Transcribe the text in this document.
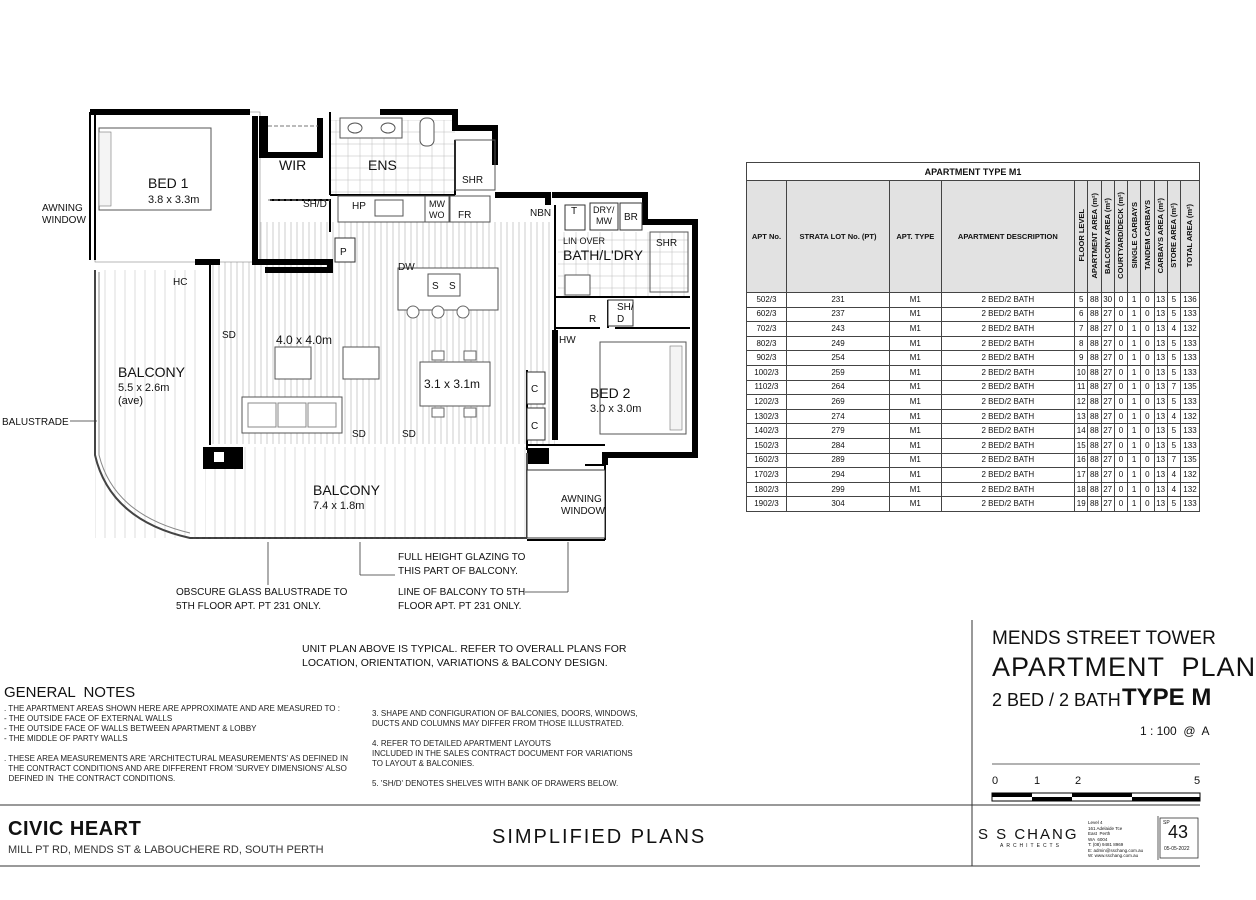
BED 1
3.8 x 3.3m
WIR	ENS
SHR
SH/D	HP	MW
WO FR
P
NBN T DRY/
MW BR
LIN OVER
BATH/L'DRY
SHR
DW
S S
HC
SD
SD	SD
4.0 x 4.0m
3.1 x 3.1m
R
SH/
D
HW
C
C
BED 2
3.0 x 3.0m
BALCONY
5.5 x 2.6m
(ave)
BALCONY
7.4 x 1.8m
AWNING
WINDOW
AWNING
WINDOW
BALUSTRADE
FULL HEIGHT GLAZING TO
THIS PART OF BALCONY.
OBSCURE GLASS BALUSTRADE TO
5TH FLOOR APT. PT 231 ONLY.
LINE OF BALCONY TO 5TH
FLOOR APT. PT 231 ONLY.
UNIT PLAN ABOVE IS TYPICAL. REFER TO OVERALL PLANS FOR
LOCATION, ORIENTATION, VARIATIONS & BALCONY DESIGN.
APARTMENT TYPE M1												
APT No.	STRATA LOT No. (PT)	APT. TYPE	APARTMENT DESCRIPTION	FLOOR LEVEL	APARTMENT AREA (m²)	BALCONY AREA (m²)	COURTYARD/DECK (m²)	SINGLE CARBAYS	TANDEM CARBAYS	CARBAYS AREA (m²)	STORE AREA (m²)	TOTAL AREA (m²)
502/3	231	M1	2 BED/2 BATH	5	88	30	0	1	0	13	5	136
602/3	237	M1	2 BED/2 BATH	6	88	27	0	1	0	13	5	133
702/3	243	M1	2 BED/2 BATH	7	88	27	0	1	0	13	4	132
802/3	249	M1	2 BED/2 BATH	8	88	27	0	1	0	13	5	133
902/3	254	M1	2 BED/2 BATH	9	88	27	0	1	0	13	5	133
1002/3	259	M1	2 BED/2 BATH	10	88	27	0	1	0	13	5	133
1102/3	264	M1	2 BED/2 BATH	11	88	27	0	1	0	13	7	135
1202/3	269	M1	2 BED/2 BATH	12	88	27	0	1	0	13	5	133
1302/3	274	M1	2 BED/2 BATH	13	88	27	0	1	0	13	4	132
1402/3	279	M1	2 BED/2 BATH	14	88	27	0	1	0	13	5	133
1502/3	284	M1	2 BED/2 BATH	15	88	27	0	1	0	13	5	133
1602/3	289	M1	2 BED/2 BATH	16	88	27	0	1	0	13	7	135
1702/3	294	M1	2 BED/2 BATH	17	88	27	0	1	0	13	4	132
1802/3	299	M1	2 BED/2 BATH	18	88	27	0	1	0	13	4	132
1902/3	304	M1	2 BED/2 BATH	19	88	27	0	1	0	13	5	133
MENDS STREET TOWER
APARTMENT  PLAN
2 BED / 2 BATH TYPE M
1 : 100  @  A
0	1	2	5
GENERAL  NOTES
. THE APARTMENT AREAS SHOWN HERE ARE APPROXIMATE AND ARE MEASURED TO :
- THE OUTSIDE FACE OF EXTERNAL WALLS
- THE OUTSIDE FACE OF WALLS BETWEEN APARTMENT & LOBBY
- THE MIDDLE OF PARTY WALLS

. THESE AREA MEASUREMENTS ARE 'ARCHITECTURAL MEASUREMENTS' AS DEFINED IN
THE CONTRACT CONDITIONS AND ARE DIFFERENT FROM 'SURVEY DIMENSIONS' ALSO
DEFINED IN  THE CONTRACT CONDITIONS.
3. SHAPE AND CONFIGURATION OF BALCONIES, DOORS, WINDOWS,
DUCTS AND COLUMNS MAY DIFFER FROM THOSE ILLUSTRATED.

4. REFER TO DETAILED APARTMENT LAYOUTS
INCLUDED IN THE SALES CONTRACT DOCUMENT FOR VARIATIONS
TO LAYOUT & BALCONIES.

5. 'SH/D' DENOTES SHELVES WITH BANK OF DRAWERS BELOW.
CIVIC HEART
MILL PT RD, MENDS ST & LABOUCHERE RD, SOUTH PERTH
SIMPLIFIED PLANS	S S CHANG
ARCHITECTS
Level 4
161 Adelaide Tce
East  Perth
WA  6004
T: (08) 9481 8969
E: admin@sschang.com.au
W: www.sschang.com.au
SP
43
05-05-2022
